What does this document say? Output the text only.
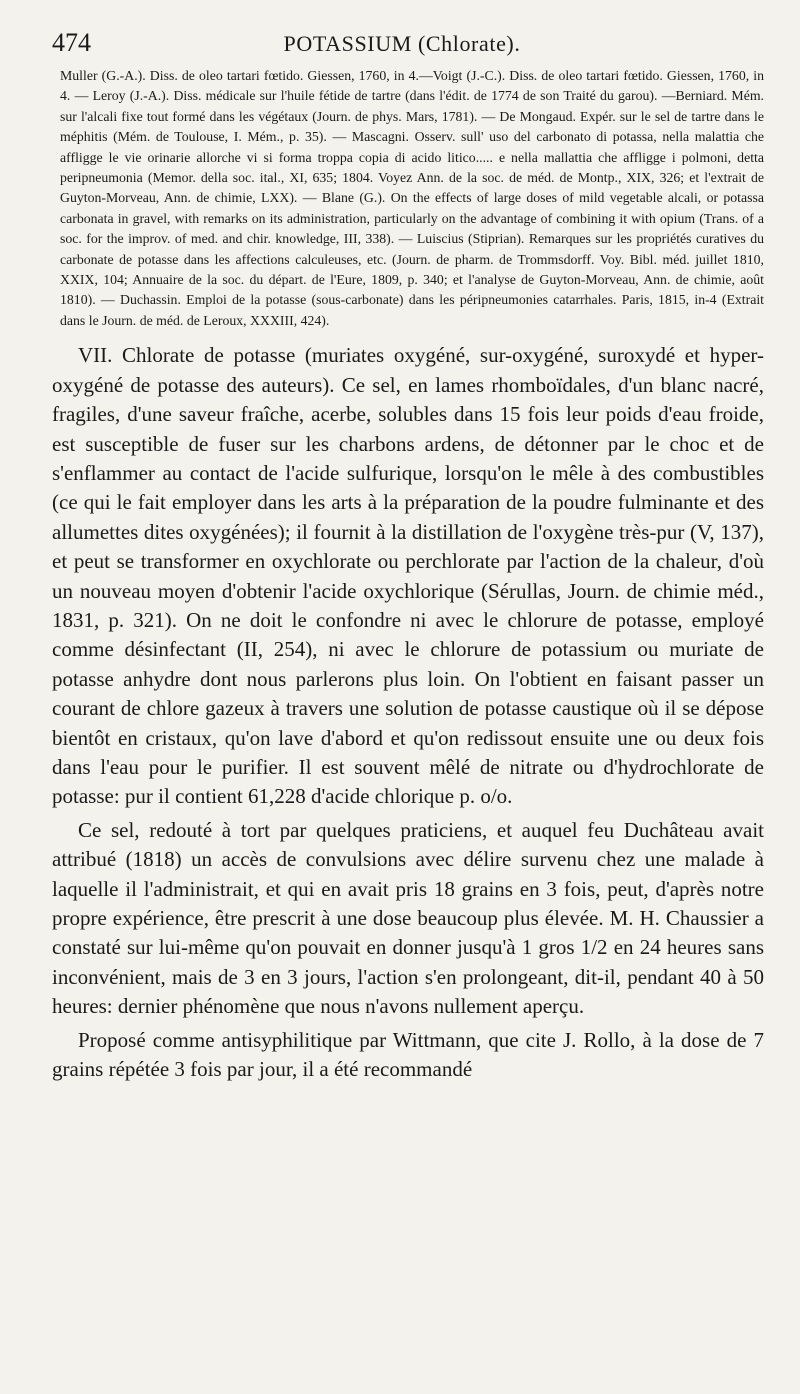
474	POTASSIUM (Chlorate).

Muller (G.-A.). Diss. de oleo tartari fœtido. Giessen, 1760, in 4.—Voigt (J.-C.). Diss. de oleo tartari fœtido. Giessen, 1760, in 4. — Leroy (J.-A.). Diss. médicale sur l'huile fétide de tartre (dans l'édit. de 1774 de son Traité du garou). —Berniard. Mém. sur l'alcali fixe tout formé dans les végétaux (Journ. de phys. Mars, 1781). — De Mongaud. Expér. sur le sel de tartre dans le méphitis (Mém. de Toulouse, I. Mém., p. 35). — Mascagni. Osserv. sull' uso del carbonato di potassa, nella malattia che affligge le vie orinarie allorche vi si forma troppa copia di acido litico..... e nella mallattia che affligge i polmoni, detta peripneumonia (Memor. della soc. ital., XI, 635; 1804. Voyez Ann. de la soc. de méd. de Montp., XIX, 326; et l'extrait de Guyton-Morveau, Ann. de chimie, LXX). — Blane (G.). On the effects of large doses of mild vegetable alcali, or potassa carbonata in gravel, with remarks on its administration, particularly on the advantage of combining it with opium (Trans. of a soc. for the improv. of med. and chir. knowledge, III, 338). — Luiscius (Stiprian). Remarques sur les propriétés curatives du carbonate de potasse dans les affections calculeuses, etc. (Journ. de pharm. de Trommsdorff. Voy. Bibl. méd. juillet 1810, XXIX, 104; Annuaire de la soc. du départ. de l'Eure, 1809, p. 340; et l'analyse de Guyton-Morveau, Ann. de chimie, août 1810). — Duchassin. Emploi de la potasse (sous-carbonate) dans les péripneumonies catarrhales. Paris, 1815, in-4 (Extrait dans le Journ. de méd. de Leroux, XXXIII, 424).

VII. Chlorate de potasse (muriates oxygéné, sur-oxygéné, suroxydé et hyper-oxygéné de potasse des auteurs). Ce sel, en lames rhomboïdales, d'un blanc nacré, fragiles, d'une saveur fraîche, acerbe, solubles dans 15 fois leur poids d'eau froide, est susceptible de fuser sur les charbons ardens, de détonner par le choc et de s'enflammer au contact de l'acide sulfurique, lorsqu'on le mêle à des combustibles (ce qui le fait employer dans les arts à la préparation de la poudre fulminante et des allumettes dites oxygénées); il fournit à la distillation de l'oxygène très-pur (V, 137), et peut se transformer en oxychlorate ou perchlorate par l'action de la chaleur, d'où un nouveau moyen d'obtenir l'acide oxychlorique (Sérullas, Journ. de chimie méd., 1831, p. 321). On ne doit le confondre ni avec le chlorure de potasse, employé comme désinfectant (II, 254), ni avec le chlorure de potassium ou muriate de potasse anhydre dont nous parlerons plus loin. On l'obtient en faisant passer un courant de chlore gazeux à travers une solution de potasse caustique où il se dépose bientôt en cristaux, qu'on lave d'abord et qu'on redissout ensuite une ou deux fois dans l'eau pour le purifier. Il est souvent mêlé de nitrate ou d'hydrochlorate de potasse: pur il contient 61,228 d'acide chlorique p. o/o.

Ce sel, redouté à tort par quelques praticiens, et auquel feu Duchâteau avait attribué (1818) un accès de convulsions avec délire survenu chez une malade à laquelle il l'administrait, et qui en avait pris 18 grains en 3 fois, peut, d'après notre propre expérience, être prescrit à une dose beaucoup plus élevée. M. H. Chaussier a constaté sur lui-même qu'on pouvait en donner jusqu'à 1 gros 1/2 en 24 heures sans inconvénient, mais de 3 en 3 jours, l'action s'en prolongeant, dit-il, pendant 40 à 50 heures: dernier phénomène que nous n'avons nullement aperçu.

Proposé comme antisyphilitique par Wittmann, que cite J. Rollo, à la dose de 7 grains répétée 3 fois par jour, il a été recommandé
